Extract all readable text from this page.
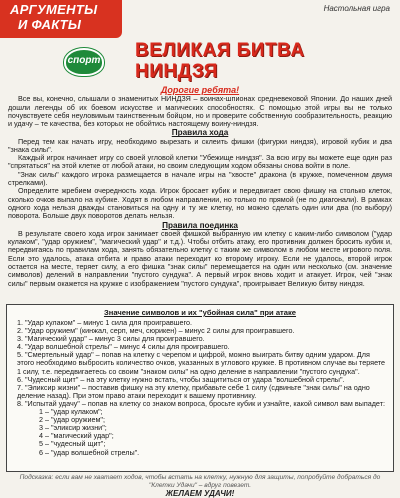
АРГУМЕНТЫ
И ФАКТЫ
Настольная игра
спорт ВЕЛИКАЯ БИТВА
НИНДЗЯ
Дорогие ребята!

Все вы, конечно, слышали о знаменитых НИНДЗЯ – воинах-шпионах средневековой Японии. До наших дней дошли легенды об их боевом искусстве и магических способностях. С помощью этой игры вы не только почувствуете себя неуловимым таинственным бойцом, но и проверите собственную сообразительность, реакцию и удачу – те качества, без которых не обойтись настоящему воину-ниндзя.

Правила хода

Перед тем как начать игру, необходимо вырезать и склеить фишки (фигурки ниндзя), игровой кубик и два "знака силы".

Каждый игрок начинает игру со своей угловой клетки "Убежище ниндзя". За всю игру вы можете еще один раз "спрятаться" на этой клетке от любой атаки, но своим следующим ходом обязаны снова войти в поле.

"Знак силы" каждого игрока размещается в начале игры на "хвосте" дракона (в кружке, помеченном двумя стрелками).

Определите жребием очередность хода. Игрок бросает кубик и передвигает свою фишку на столько клеток, сколько очков выпало на кубике. Ходят в любом направлении, но только по прямой (не по диагонали). В рамках одного хода нельзя дважды становиться на одну и ту же клетку, но можно сделать один или два (по выбору) поворота. Больше двух поворотов делать нельзя.

Правила поединка

В результате своего хода игрок занимает своей фишкой выбранную им клетку с каким-либо символом ("удар кулаком", "удар оружием", "магический удар" и т.д.). Чтобы отбить атаку, его противник должен бросить кубик и, передвигаясь по правилам хода, занять обязательно клетку с таким же символом в любом месте игрового поля. Если это удалось, атака отбита и право атаки переходит ко второму игроку. Если не удалось, второй игрок остается на месте, теряет силу, а его фишка "знак силы" перемещается на один или несколько (см. значение символов) делений в направлении "пустого сундука". А первый игрок вновь ходит и атакует. Игрок, чей "знак силы" первым окажется на кружке с изображением "пустого сундука", проигрывает Великую битву ниндзя.

Значение символов и их "убойная сила" при атаке
1. "Удар кулаком" – минус 1 сила для проигравшего.
2. "Удар оружием" (кинжал, серп, меч, сюрикен) – минус 2 силы для проигравшего.
3. "Магический удар" – минус 3 силы для проигравшего.
4. "Удар волшебной стрелы" – минус 4 силы для проигравшего.
5. "Смертельный удар" – попав на клетку с черепом и цифрой, можно выиграть битву одним ударом. Для этого необходимо выбросить количество очков, указанных в углового кружке. В противном случае вы теряете 1 силу, т.е. передвигаетесь со своим "знаком силы" на одно деление в направлении "пустого сундука".
6. "Чудесный щит" – на эту клетку нужно встать, чтобы защититься от удара "волшебной стрелы".
7. "Эликсир жизни" – поставив фишку на эту клетку, прибавьте себе 1 силу (сдвиньте "знак силы" на одно деление назад). При этом право атаки переходит к вашему противнику.
8. "Испытай удачу" – попав на клетку со знаком вопроса, бросьте кубик и узнайте, какой символ вам выпадет:
1 – "удар кулаком";
2 – "удар оружием";
3 – "эликсир жизни";
4 – "магический удар";
5 – "чудесный щит";
6 – "удар волшебной стрелы".
Подсказка: если вам не хватает ходов, чтобы встать на клетку, нужную для защиты, попробуйте добраться до "Клетки Удачи" – вдруг повезет.
ЖЕЛАЕМ УДАЧИ!
